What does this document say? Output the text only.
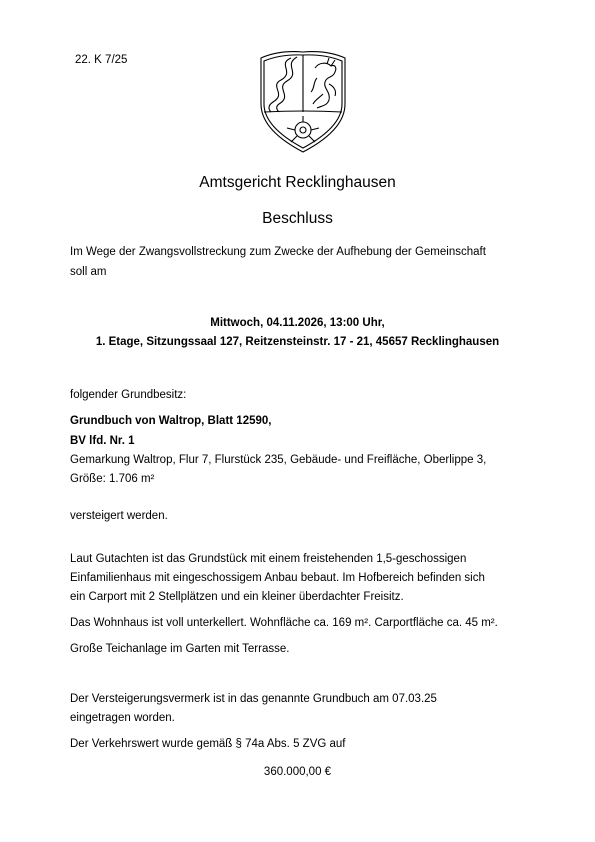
22. K 7/25
Amtsgericht Recklinghausen
Beschluss
Im Wege der Zwangsvollstreckung zum Zwecke der Aufhebung der Gemeinschaft
soll am
Mittwoch, 04.11.2026, 13:00 Uhr,
1. Etage, Sitzungssaal 127, Reitzensteinstr. 17 - 21, 45657 Recklinghausen
folgender Grundbesitz:
Grundbuch von Waltrop, Blatt 12590,
BV lfd. Nr. 1
Gemarkung Waltrop, Flur 7, Flurstück 235, Gebäude- und Freifläche, Oberlippe 3,
Größe: 1.706 m²
versteigert werden.
Laut Gutachten ist das Grundstück mit einem freistehenden 1,5-geschossigen
Einfamilienhaus mit eingeschossigem Anbau bebaut. Im Hofbereich befinden sich
ein Carport mit 2 Stellplätzen und ein kleiner überdachter Freisitz.
Das Wohnhaus ist voll unterkellert. Wohnfläche ca. 169 m². Carportfläche ca. 45 m².
Große Teichanlage im Garten mit Terrasse.
Der Versteigerungsvermerk ist in das genannte Grundbuch am 07.03.25
eingetragen worden.
Der Verkehrswert wurde gemäß § 74a Abs. 5 ZVG auf
360.000,00 €
